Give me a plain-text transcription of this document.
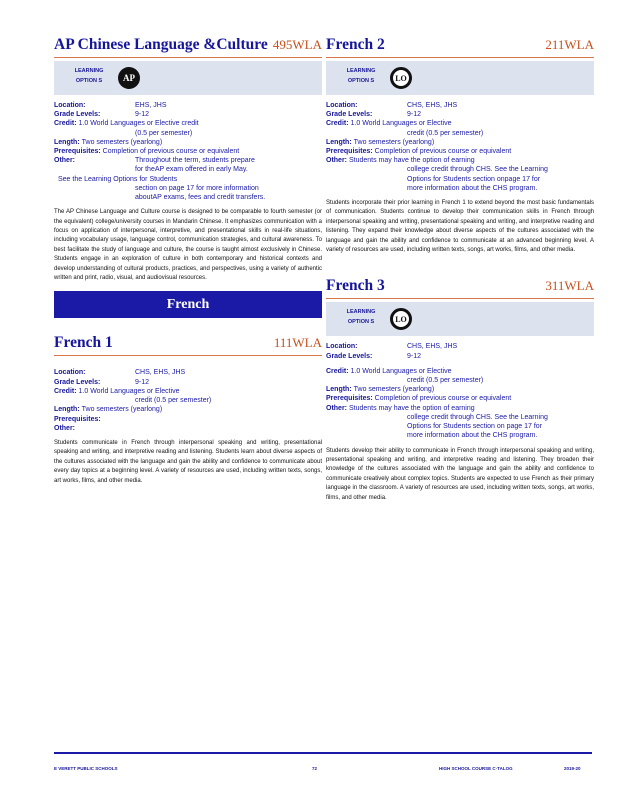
AP Chinese Language &Culture 495WLA
LEARNING
OPTION S	AP
Location:	EHS, JHS
Grade Levels:	9-12
Credit:
1.0 World Languages or Elective credit
(0.5 per semester)
Length:
Two semesters (yearlong)
Prerequisites:
Completion of previous course or equivalent
Other:	Throughout the term, students prepare
for theAP exam offered in early May.
See the Learning Options for Students
section on page 17 for more information
aboutAP exams, fees and credit transfers.
The AP Chinese Language and Culture course is designed to be comparable to fourth semester (or the equivalent) college/university courses in Mandarin Chinese. It emphasizes communication with a focus on application of interpersonal, interpretive, and presentational skills in real-life situations, including vocabulary usage, language control, communication strategies, and cultural awareness. To best facilitate the study of language and culture, the course is taught almost exclusively in Chinese. Students engage in an exploration of culture in both contemporary and historical contexts and develop understanding of cultural products, practices, and perspectives, using a variety of authentic written and print, radio, visual, and audiovisual resources.
French
French 1	111WLA
Location:	CHS, EHS, JHS
Grade Levels:	9-12
Credit:
1.0 World Languages or Elective
credit (0.5 per semester)
Length:
Two semesters (yearlong)
Prerequisites:
Other:
Students communicate in French through interpersonal speaking and writing, presentational speaking and writing, and interpretive reading and listening. Students learn about diverse aspects of the cultures associated with the language and gain the ability and confidence to communicate about every day topics at a beginning level. A variety of resources are used, including written texts, songs, art works, films, and other media.
French 2	211WLA
LEARNING
OPTION S	LO
Location:	CHS, EHS, JHS
Grade Levels:	9-12
Credit:
1.0 World Languages or Elective
credit (0.5 per semester)
Length:
Two semesters (yearlong)
Prerequisites:
Completion of previous course or equivalent
Other:
Students may have the option of earning
college credit through CHS. See the Learning
Options for Students section onpage 17 for
more information about the CHS program.
Students incorporate their prior learning in French 1 to extend beyond the most basic fundamentals of communication. Students continue to develop their communication skills in French through interpersonal speaking and writing, presentational speaking and writing, and interpretive reading and listening. They expand their knowledge about diverse aspects of the cultures associated with the language and gain the ability and confidence to communicate at an advanced beginning level. A variety of resources are used, including written texts, songs, art works, films, and other media.
French 3	311WLA
LEARNING
OPTION S	LO
Location:	CHS, EHS, JHS
Grade Levels:	9-12
Credit:
1.0 World Languages or Elective
credit (0.5 per semester)
Length:
Two semesters (yearlong)
Prerequisites:
Completion of previous course or equivalent
Other:
Students may have the option of earning
college credit through CHS. See the Learning
Options for Students section on page 17 for
more information about the CHS program.
Students develop their ability to communicate in French through interpersonal speaking and writing, presentational speaking and writing, and interpretive reading and listening. They broaden their knowledge of the cultures associated with the language and gain the ability and confidence to communicate creatively about complex topics. Students are expected to use French as their primary language in the classroom. A variety of resources are used, including written texts, songs, art works, films, and other media.
E VERETT PUBLIC SCHOOLS	72	HIGH SCHOOL COURSE C·TALOG	2019-20
